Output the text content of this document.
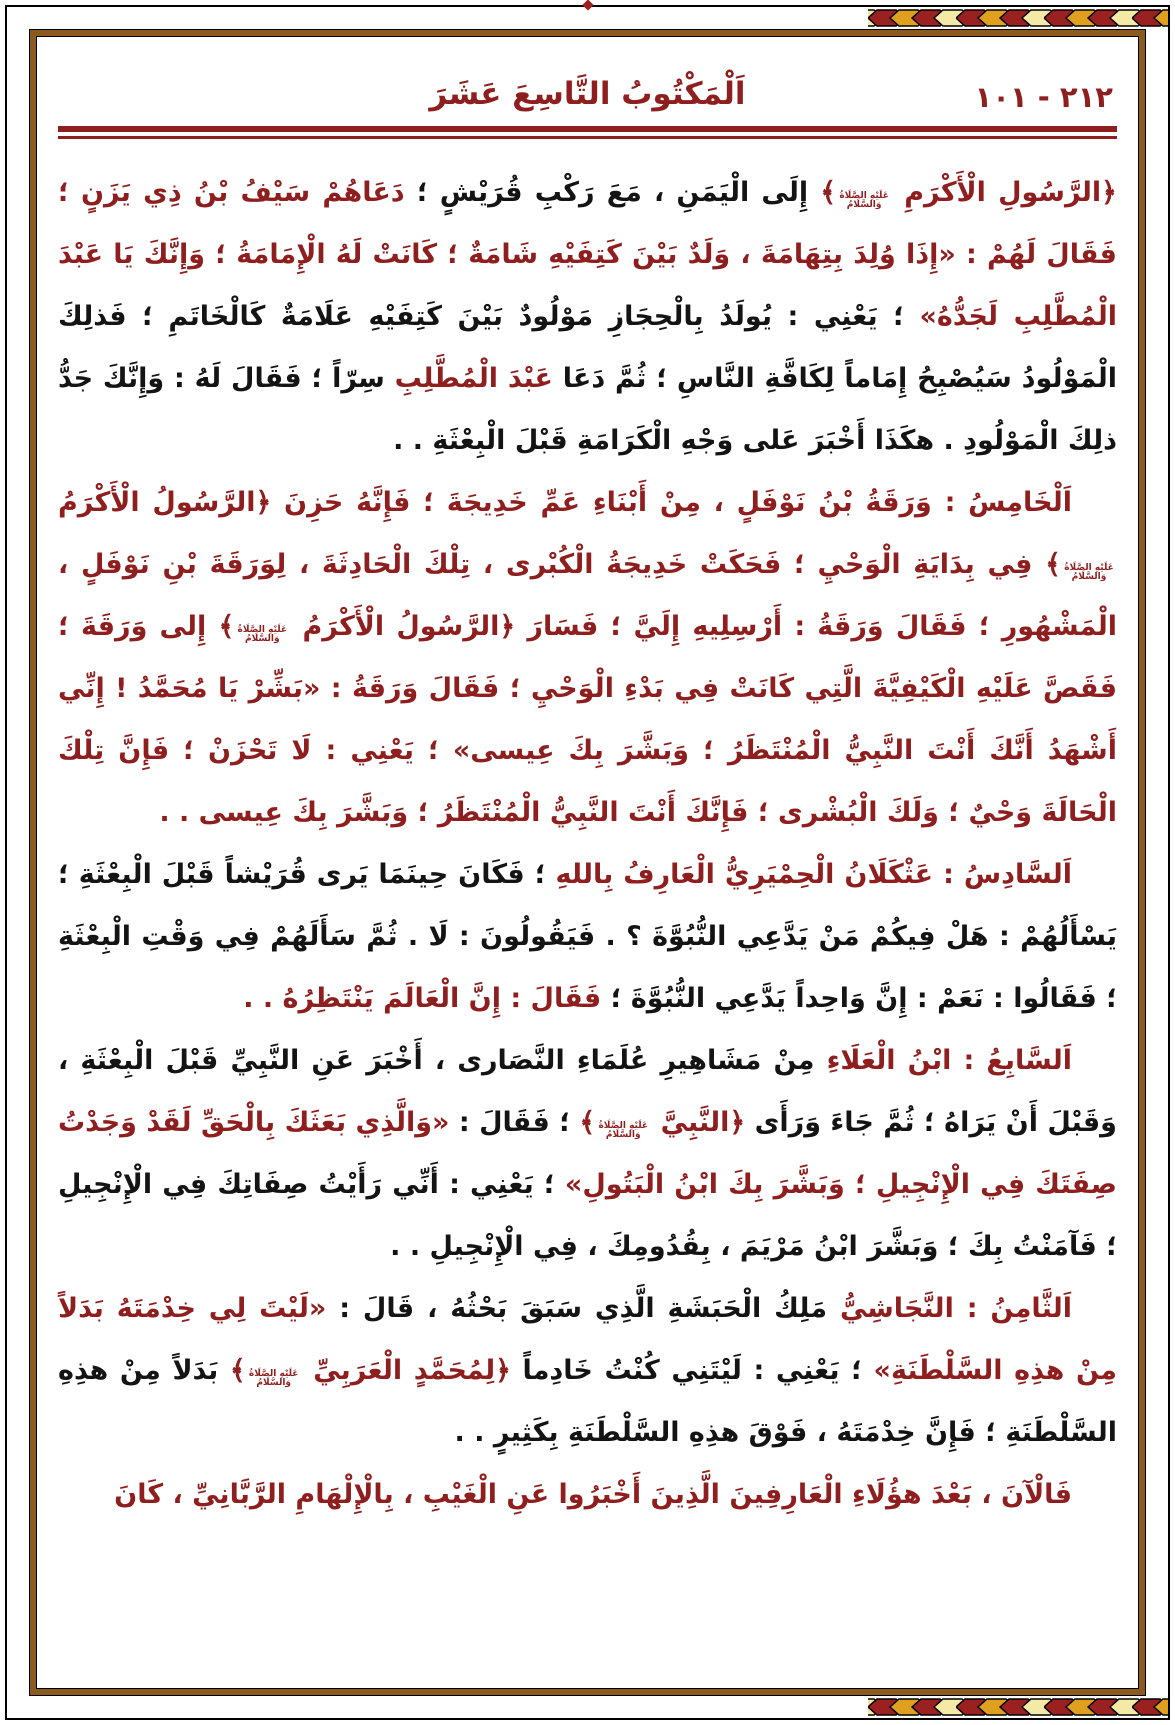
٢١٢ - ١٠١
اَلْمَكْتُوبُ التَّاسِعَ عَشَرَ

﴿الرَّسُولِ الْأَكْرَمِ عَلَيْهِ الصَّلَاةُ وَالسَّلَامُ﴾ إِلَى الْيَمَنِ ، مَعَ رَكْبِ قُرَيْشٍ ؛ دَعَاهُمْ سَيْفُ بْنُ ذِي يَزَنٍ ؛ فَقَالَ لَهُمْ : «إِذَا وُلِدَ بِتِهَامَةَ ، وَلَدٌ بَيْنَ كَتِفَيْهِ شَامَةٌ ؛ كَانَتْ لَهُ الْإِمَامَةُ ؛ وَإِنَّكَ يَا عَبْدَ الْمُطَّلِبِ لَجَدُّهُ» ؛ يَعْنِي : يُولَدُ بِالْحِجَازِ مَوْلُودٌ بَيْنَ كَتِفَيْهِ عَلَامَةٌ كَالْخَاتَمِ ؛ فَذلِكَ الْمَوْلُودُ سَيُصْبِحُ إِمَاماً لِكَافَّةِ النَّاسِ ؛ ثُمَّ دَعَا عَبْدَ الْمُطَّلِبِ سِرّاً ؛ فَقَالَ لَهُ : وَإِنَّكَ جَدُّ ذلِكَ الْمَوْلُودِ . هكَذَا أَخْبَرَ عَلى وَجْهِ الْكَرَامَةِ قَبْلَ الْبِعْثَةِ . .

اَلْخَامِسُ : وَرَقَةُ بْنُ نَوْفَلٍ ، مِنْ أَبْنَاءِ عَمِّ خَدِيجَةَ ؛ فَإِنَّهُ حَزِنَ ﴿الرَّسُولُ الْأَكْرَمُ عَلَيْهِ الصَّلَاةُ وَالسَّلَامُ﴾ فِي بِدَايَةِ الْوَحْيِ ؛ فَحَكَتْ خَدِيجَةُ الْكُبْرى ، تِلْكَ الْحَادِثَةَ ، لِوَرَقَةَ بْنِ نَوْفَلٍ ، الْمَشْهُورِ ؛ فَقَالَ وَرَقَةُ : أَرْسِلِيهِ إِلَيَّ ؛ فَسَارَ ﴿الرَّسُولُ الْأَكْرَمُ عَلَيْهِ الصَّلَاةُ وَالسَّلَامُ﴾ إِلى وَرَقَةَ ؛ فَقَصَّ عَلَيْهِ الْكَيْفِيَّةَ الَّتِي كَانَتْ فِي بَدْءِ الْوَحْيِ ؛ فَقَالَ وَرَقَةُ : «بَشِّرْ يَا مُحَمَّدُ ! إِنِّي أَشْهَدُ أَنَّكَ أَنْتَ النَّبِيُّ الْمُنْتَظَرُ ؛ وَبَشَّرَ بِكَ عِيسى» ؛ يَعْنِي : لَا تَحْزَنْ ؛ فَإِنَّ تِلْكَ الْحَالَةَ وَحْيٌ ؛ وَلَكَ الْبُشْرى ؛ فَإِنَّكَ أَنْتَ النَّبِيُّ الْمُنْتَظَرُ ؛ وَبَشَّرَ بِكَ عِيسى . .

اَلسَّادِسُ : عَثْكَلَانُ الْحِمْيَرِيُّ الْعَارِفُ بِاللهِ ؛ فَكَانَ حِينَمَا يَرى قُرَيْشاً قَبْلَ الْبِعْثَةِ ؛ يَسْأَلُهُمْ : هَلْ فِيكُمْ مَنْ يَدَّعِي النُّبُوَّةَ ؟ . فَيَقُولُونَ : لَا . ثُمَّ سَأَلَهُمْ فِي وَقْتِ الْبِعْثَةِ ؛ فَقَالُوا : نَعَمْ : إِنَّ وَاحِداً يَدَّعِي النُّبُوَّةَ ؛ فَقَالَ : إِنَّ الْعَالَمَ يَنْتَظِرُهُ . .

اَلسَّابِعُ : ابْنُ الْعَلَاءِ مِنْ مَشَاهِيرِ عُلَمَاءِ النَّصَارى ، أَخْبَرَ عَنِ النَّبِيِّ قَبْلَ الْبِعْثَةِ ، وَقَبْلَ أَنْ يَرَاهُ ؛ ثُمَّ جَاءَ وَرَأَى ﴿النَّبِيَّ عَلَيْهِ الصَّلَاةُ وَالسَّلَامُ﴾ ؛ فَقَالَ : «وَالَّذِي بَعَثَكَ بِالْحَقِّ لَقَدْ وَجَدْتُ صِفَتَكَ فِي الْإِنْجِيلِ ؛ وَبَشَّرَ بِكَ ابْنُ الْبَتُولِ» ؛ يَعْنِي : أَنِّي رَأَيْتُ صِفَاتِكَ فِي الْإِنْجِيلِ ؛ فَآمَنْتُ بِكَ ؛ وَبَشَّرَ ابْنُ مَرْيَمَ ، بِقُدُومِكَ ، فِي الْإِنْجِيلِ . .

اَلثَّامِنُ : النَّجَاشِيُّ مَلِكُ الْحَبَشَةِ الَّذِي سَبَقَ بَحْثُهُ ، قَالَ : «لَيْتَ لِي خِدْمَتَهُ بَدَلاً مِنْ هذِهِ السَّلْطَنَةِ» ؛ يَعْنِي : لَيْتَنِي كُنْتُ خَادِماً ﴿لِمُحَمَّدٍ الْعَرَبِيِّ عَلَيْهِ الصَّلَاةُ وَالسَّلَامُ﴾ بَدَلاً مِنْ هذِهِ السَّلْطَنَةِ ؛ فَإِنَّ خِدْمَتَهُ ، فَوْقَ هذِهِ السَّلْطَنَةِ بِكَثِيرٍ . .

فَالْآنَ ، بَعْدَ هؤُلَاءِ الْعَارِفِينَ الَّذِينَ أَخْبَرُوا عَنِ الْغَيْبِ ، بِالْإِلْهَامِ الرَّبَّانِيِّ ، كَانَ
